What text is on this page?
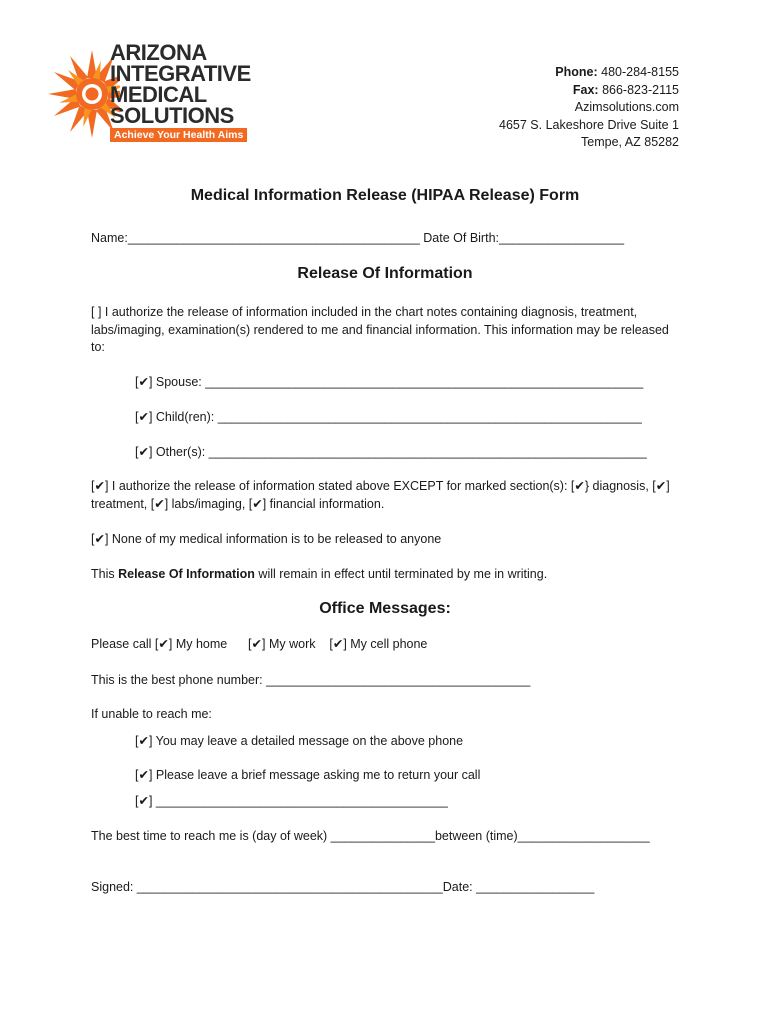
ARIZONA
INTEGRATIVE
MEDICAL
SOLUTIONS
Achieve Your Health Aims
Phone: 480-284-8155
Fax: 866-823-2115
Azimsolutions.com
4657 S. Lakeshore Drive Suite 1
Tempe, AZ 85282
Medical Information Release (HIPAA Release) Form
Name:__________________________________________ Date Of Birth:__________________
Release Of Information
[ ] I authorize the release of information included in the chart notes containing diagnosis, treatment, labs/imaging, examination(s) rendered to me and financial information. This information may be released to:
[✔] Spouse: _______________________________________________________________
[✔] Child(ren): _____________________________________________________________
[✔] Other(s): _______________________________________________________________
[✔] I authorize the release of information stated above EXCEPT for marked section(s): [✔} diagnosis, [✔] treatment, [✔] labs/imaging, [✔] financial information.
[✔] None of my medical information is to be released to anyone
This Release Of Information will remain in effect until terminated by me in writing.
Office Messages:
Please call [✔] My home      [✔] My work    [✔] My cell phone
This is the best phone number: ______________________________________
If unable to reach me:
[✔] You may leave a detailed message on the above phone
[✔] Please leave a brief message asking me to return your call
[✔] __________________________________________
The best time to reach me is (day of week) _______________between (time)___________________
Signed: ____________________________________________Date: _________________
